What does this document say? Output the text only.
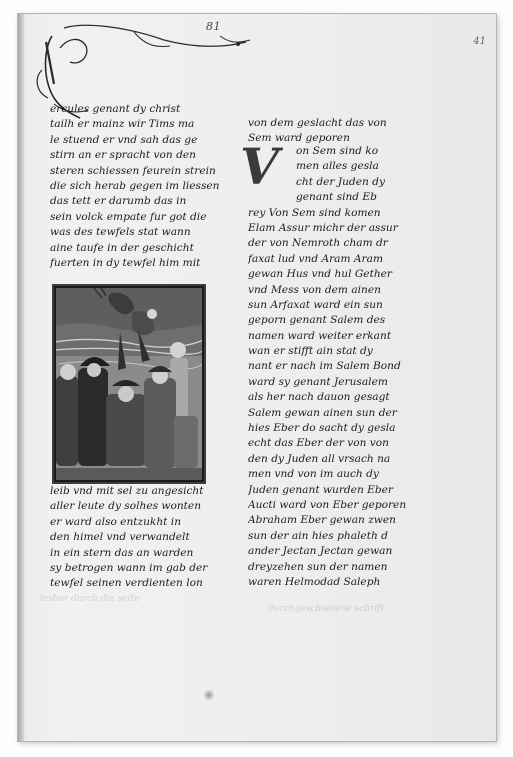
81
41
ercules genant dy christ
tailh er mainz wir Tims ma
le stuend er vnd sah das ge
stirn an er spracht von den
steren schiessen feurein strein
die sich herab gegen im liessen
das tett er darumb das in
sein volck empate fur got die
was des tewfels stat wann
aine taufe in der geschicht
fuerten in dy tewfel him mit
leib vnd mit sel zu angesicht
aller leute dy solhes wonten
er ward also entzukht in
den himel vnd verwandelt
in ein stern das an warden
sy betrogen wann im gab der
tewfel seinen verdienten lon
von dem geslacht das von
Sem ward geporen
V	on Sem sind ko
men alles gesla
cht der Juden dy
genant sind Eb
rey Von Sem sind komen
Elam Assur michr der assur
der von Nemroth cham dr
faxat lud vnd Aram Aram
gewan Hus vnd hul Gether
vnd Mess von dem ainen
sun Arfaxat ward ein sun
geporn genant Salem des
namen ward weiter erkant
wan er stifft ain stat dy
nant er nach im Salem Bond
ward sy genant Jerusalem
als her nach dauon gesagt
Salem gewan ainen sun der
hies Eber do sacht dy gesla
echt das Eber der von von
den dy Juden all vrsach na
men vnd von im auch dy
Juden genant wurden Eber
Aucti ward von Eber geporen
Abraham Eber gewan zwen
sun der ain hies phaleth d
ander Jectan Jectan gewan
dreyzehen sun der namen
waren Helmodad Saleph
lesbar durch die seite
durchgeschienene schrift
